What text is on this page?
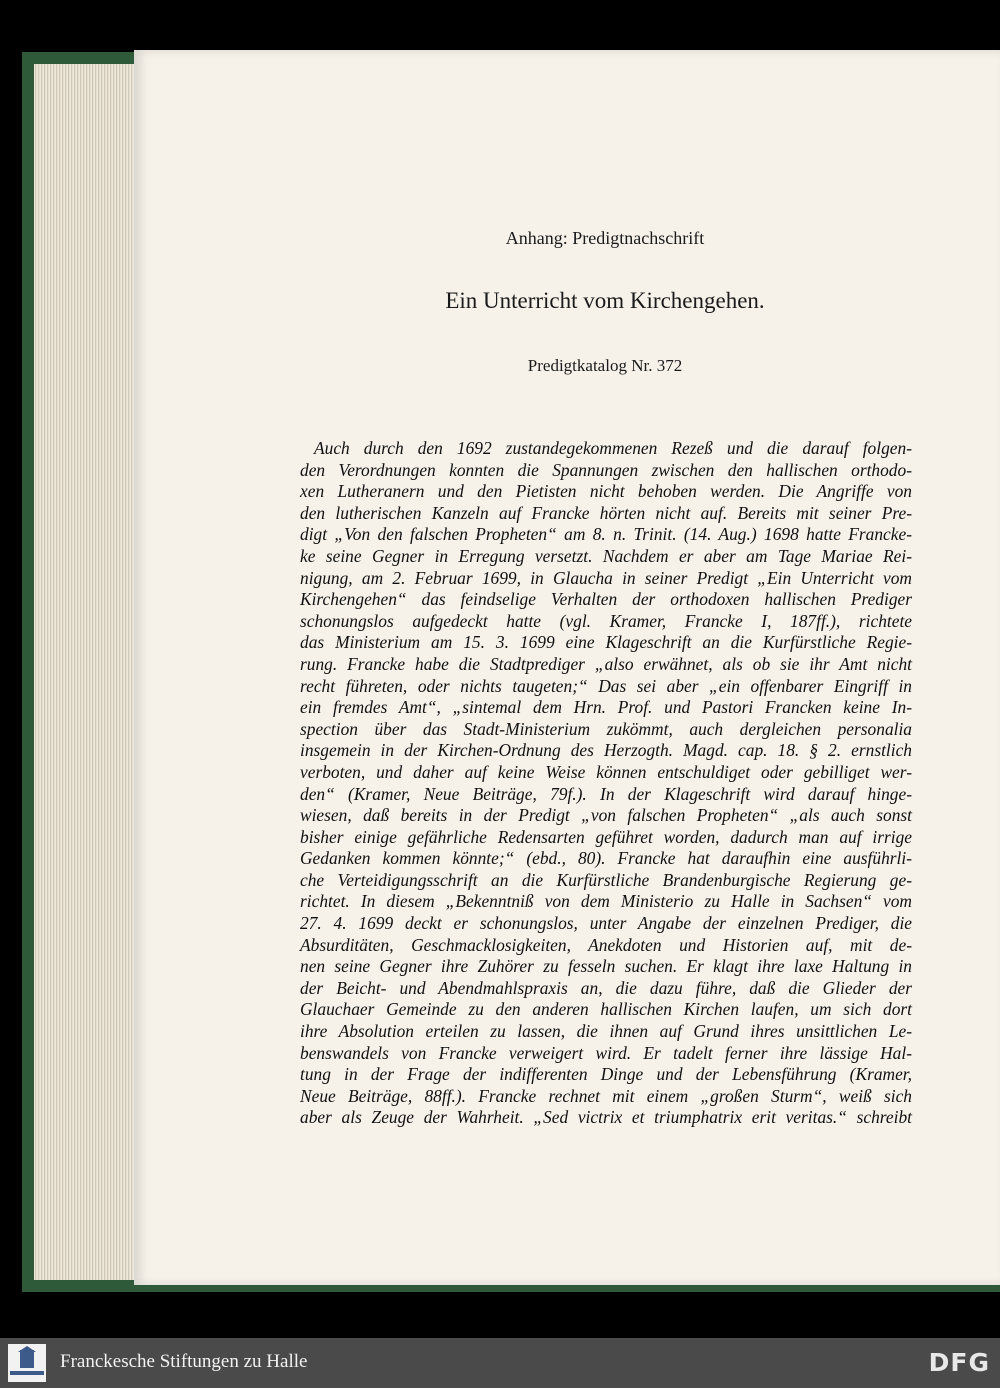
Anhang: Predigtnachschrift
Ein Unterricht vom Kirchengehen.
Predigtkatalog Nr. 372
Auch durch den 1692 zustandegekommenen Rezeß und die darauf folgen-
den Verordnungen konnten die Spannungen zwischen den hallischen orthodo-
xen Lutheranern und den Pietisten nicht behoben werden. Die Angriffe von
den lutherischen Kanzeln auf Francke hörten nicht auf. Bereits mit seiner Pre-
digt „Von den falschen Propheten“ am 8. n. Trinit. (14. Aug.) 1698 hatte Francke-
ke seine Gegner in Erregung versetzt. Nachdem er aber am Tage Mariae Rei-
nigung, am 2. Februar 1699, in Glaucha in seiner Predigt „Ein Unterricht vom
Kirchengehen“ das feindselige Verhalten der orthodoxen hallischen Prediger
schonungslos aufgedeckt hatte (vgl. Kramer, Francke I, 187ff.), richtete
das Ministerium am 15. 3. 1699 eine Klageschrift an die Kurfürstliche Regie-
rung. Francke habe die Stadtprediger „also erwähnet, als ob sie ihr Amt nicht
recht führeten, oder nichts taugeten;“ Das sei aber „ein offenbarer Eingriff in
ein fremdes Amt“, „sintemal dem Hrn. Prof. und Pastori Francken keine In-
spection über das Stadt-Ministerium zukömmt, auch dergleichen personalia
insgemein in der Kirchen-Ordnung des Herzogth. Magd. cap. 18. § 2. ernstlich
verboten, und daher auf keine Weise können entschuldiget oder gebilliget wer-
den“ (Kramer, Neue Beiträge, 79f.). In der Klageschrift wird darauf hinge-
wiesen, daß bereits in der Predigt „von falschen Propheten“ „als auch sonst
bisher einige gefährliche Redensarten geführet worden, dadurch man auf irrige
Gedanken kommen könnte;“ (ebd., 80). Francke hat daraufhin eine ausführli-
che Verteidigungsschrift an die Kurfürstliche Brandenburgische Regierung ge-
richtet. In diesem „Bekenntniß von dem Ministerio zu Halle in Sachsen“ vom
27. 4. 1699 deckt er schonungslos, unter Angabe der einzelnen Prediger, die
Absurditäten, Geschmacklosigkeiten, Anekdoten und Historien auf, mit de-
nen seine Gegner ihre Zuhörer zu fesseln suchen. Er klagt ihre laxe Haltung in
der Beicht- und Abendmahlspraxis an, die dazu führe, daß die Glieder der
Glauchaer Gemeinde zu den anderen hallischen Kirchen laufen, um sich dort
ihre Absolution erteilen zu lassen, die ihnen auf Grund ihres unsittlichen Le-
benswandels von Francke verweigert wird. Er tadelt ferner ihre lässige Hal-
tung in der Frage der indifferenten Dinge und der Lebensführung (Kramer,
Neue Beiträge, 88ff.). Francke rechnet mit einem „großen Sturm“, weiß sich
aber als Zeuge der Wahrheit. „Sed victrix et triumphatrix erit veritas.“ schreibt
Franckesche Stiftungen zu Halle	DFG
